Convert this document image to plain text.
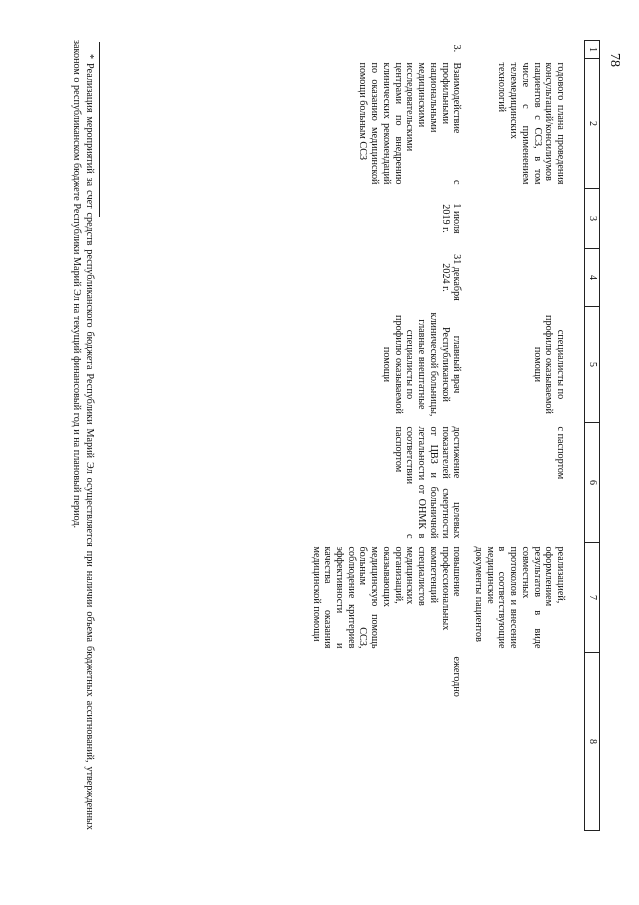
78
1	2	3	4	5	6	7	8
	годового плана проведения консультаций/консилиумов пациентов с ССЗ, в том числе с применением телемедицинских технологий			специалисты по профилю оказываемой помощи	с паспортом	реализацией, оформлением результатов в виде совместных протоколов и внесение в соответствующие медицинские документы пациентов	
3.	Взаимодействие с профильными национальными медицинскими исследовательскими центрами по внедрению клинических рекомендаций по оказанию медицинской помощи больным ССЗ	1 июля 2019 г.	31 декабря 2024 г.	главный врач Республиканской клинической больницы, главные внештатные специалисты по профилю оказываемой помощи	достижение целевых показателей смертности от ЦВЗ и больничной летальности от ОНМК в соответствии с паспортом	повышение профессиональных компетенций специалистов медицинских организаций, оказывающих медицинскую помощь больным ССЗ, соблюдение критериев эффективности и качества оказания медицинской помощи	ежегодно
* Реализация мероприятий за счет средств республиканского бюджета Республики Марий Эл осуществляется при наличии объема бюджетных ассигнований, утвержденных законом о республиканском бюджете Республики Марий Эл на текущий финансовый год и на плановый период.
